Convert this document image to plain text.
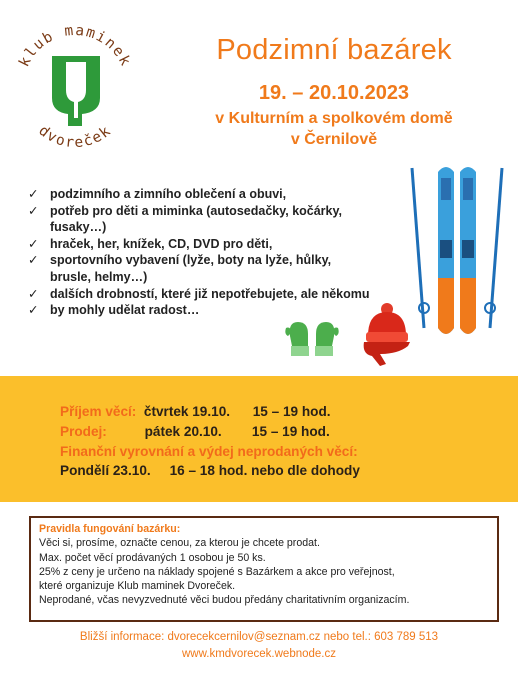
klub maminek
dvoreček
Podzimní bazárek
19. – 20.10.2023
v Kulturním a spolkovém domě
v Černilově
✓ podzimního a zimního oblečení a obuvi,
✓ potřeb pro děti a miminka (autosedačky, kočárky,
fusaky…)
✓ hraček, her, knížek, CD, DVD pro děti,
✓ sportovního vybavení (lyže, boty na lyže, hůlky,
brusle, helmy…)
✓ dalších drobností, které již nepotřebujete, ale někomu
✓ by mohly udělat radost…
Příjem věcí: čtvrtek 19.10. 15 – 19 hod.
Prodej:	pátek 20.10. 15 – 19 hod.
Finanční vyrovnání a výdej neprodaných věcí:
Pondělí 23.10. 16 – 18 hod. nebo dle dohody
Pravidla fungování bazárku:
Věci si, prosíme, označte cenou, za kterou je chcete prodat.
Max. počet věcí prodávaných 1 osobou je 50 ks.
25% z ceny je určeno na náklady spojené s Bazárkem a akce pro veřejnost,
které organizuje Klub maminek Dvoreček.
Neprodané, včas nevyzvednuté věci budou předány charitativním organizacím.
Bližší informace: dvorecekcernilov@seznam.cz nebo tel.: 603 789 513
www.kmdvorecek.webnode.cz
